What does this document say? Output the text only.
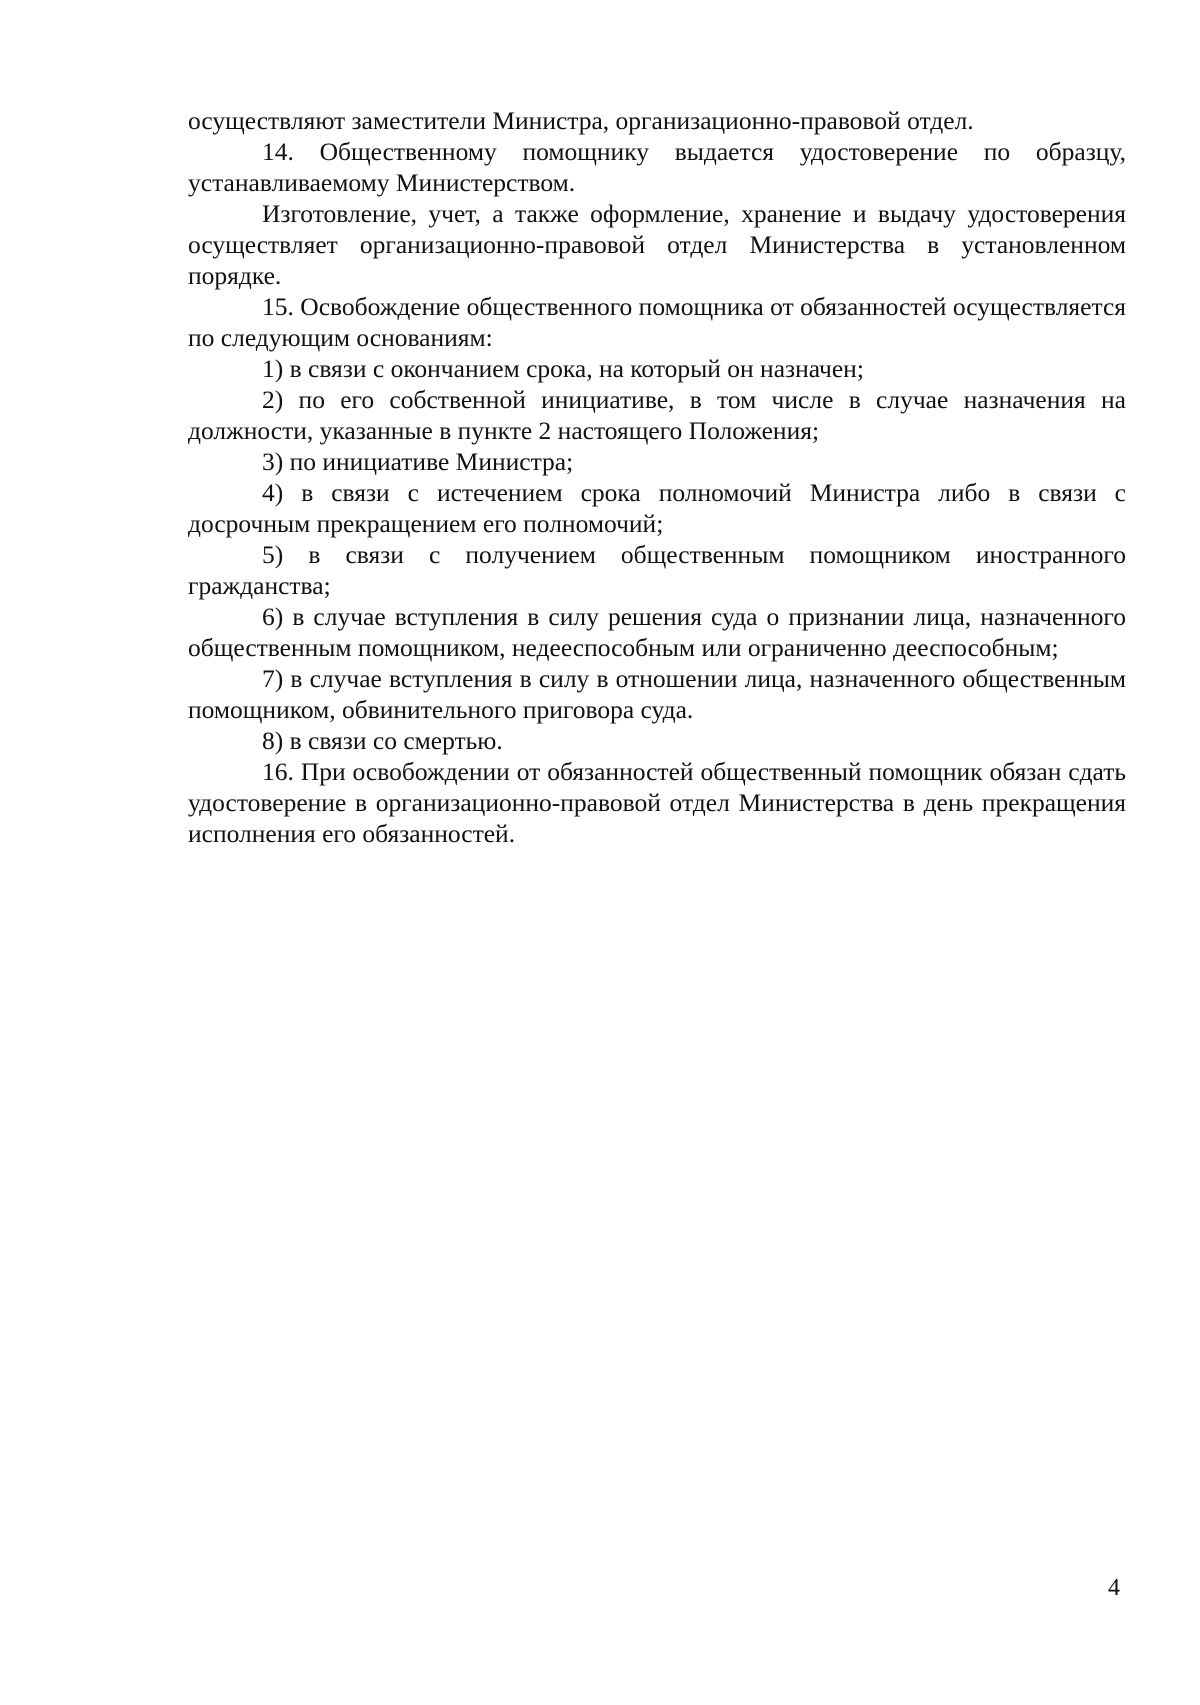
осуществляют заместители Министра, организационно-правовой отдел.

14. Общественному помощнику выдается удостоверение по образцу, устанавливаемому Министерством.

Изготовление, учет, а также оформление, хранение и выдачу удостоверения осуществляет организационно-правовой отдел Министерства в установленном порядке.

15. Освобождение общественного помощника от обязанностей осуществляется по следующим основаниям:

1) в связи с окончанием срока, на который он назначен;

2) по его собственной инициативе, в том числе в случае назначения на должности, указанные в пункте 2 настоящего Положения;

3) по инициативе Министра;

4) в связи с истечением срока полномочий Министра либо в связи с досрочным прекращением его полномочий;

5) в связи с получением общественным помощником иностранного гражданства;

6) в случае вступления в силу решения суда о признании лица, назначенного общественным помощником, недееспособным или ограниченно дееспособным;

7) в случае вступления в силу в отношении лица, назначенного общественным помощником, обвинительного приговора суда.

8) в связи со смертью.

16. При освобождении от обязанностей общественный помощник обязан сдать удостоверение в организационно-правовой отдел Министерства в день прекращения исполнения его обязанностей.

4
